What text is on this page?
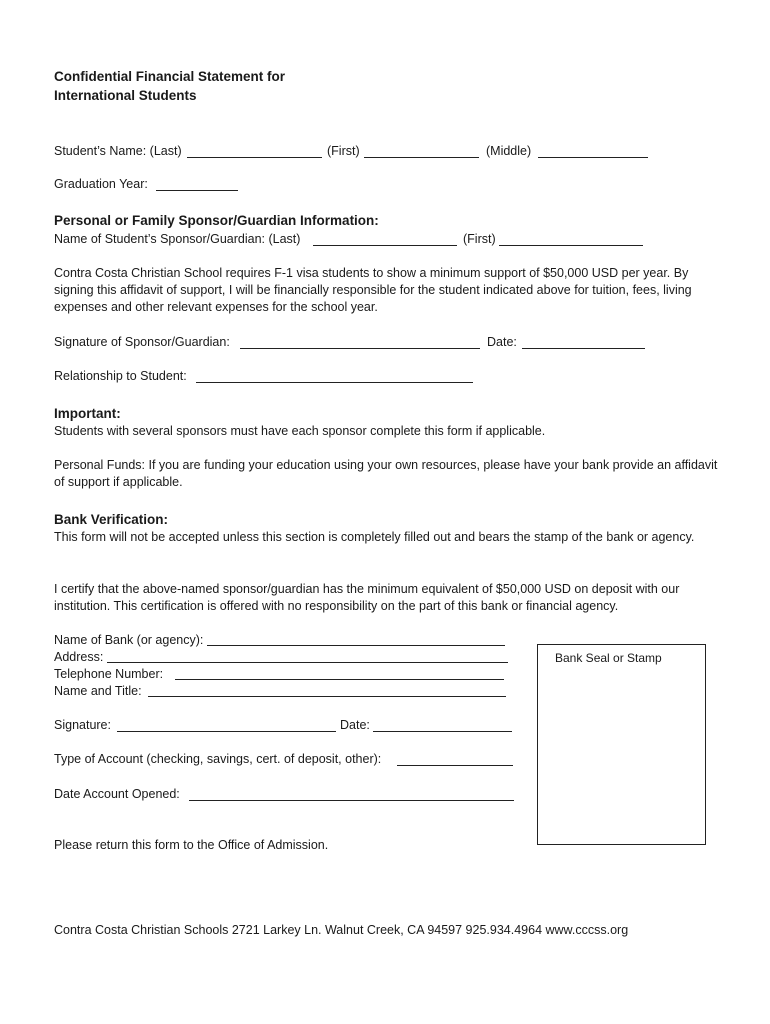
Confidential Financial Statement for
International Students
Student’s Name: (Last)	(First)	(Middle)
Graduation Year:
Personal or Family Sponsor/Guardian Information:
Name of Student’s Sponsor/Guardian: (Last)	(First)
Contra Costa Christian School requires F-1 visa students to show a minimum support of $50,000 USD per year. By signing this affidavit of support, I will be financially responsible for the student indicated above for tuition, fees, living expenses and other relevant expenses for the school year.
Signature of Sponsor/Guardian:	Date:
Relationship to Student:
Important:
Students with several sponsors must have each sponsor complete this form if applicable.
Personal Funds: If you are funding your education using your own resources, please have your bank provide an affidavit of support if applicable.
Bank Verification:
This form will not be accepted unless this section is completely filled out and bears the stamp of the bank or agency.
I certify that the above-named sponsor/guardian has the minimum equivalent of $50,000 USD on deposit with our institution. This certification is offered with no responsibility on the part of this bank or financial agency.
Name of Bank (or agency):
Address:
Telephone Number:
Name and Title:
Signature:	Date:
Type of Account (checking, savings, cert. of deposit, other):
Date Account Opened:
Bank Seal or Stamp
Please return this form to the Office of Admission.
Contra Costa Christian Schools 2721 Larkey Ln. Walnut Creek, CA 94597 925.934.4964 www.cccss.org
